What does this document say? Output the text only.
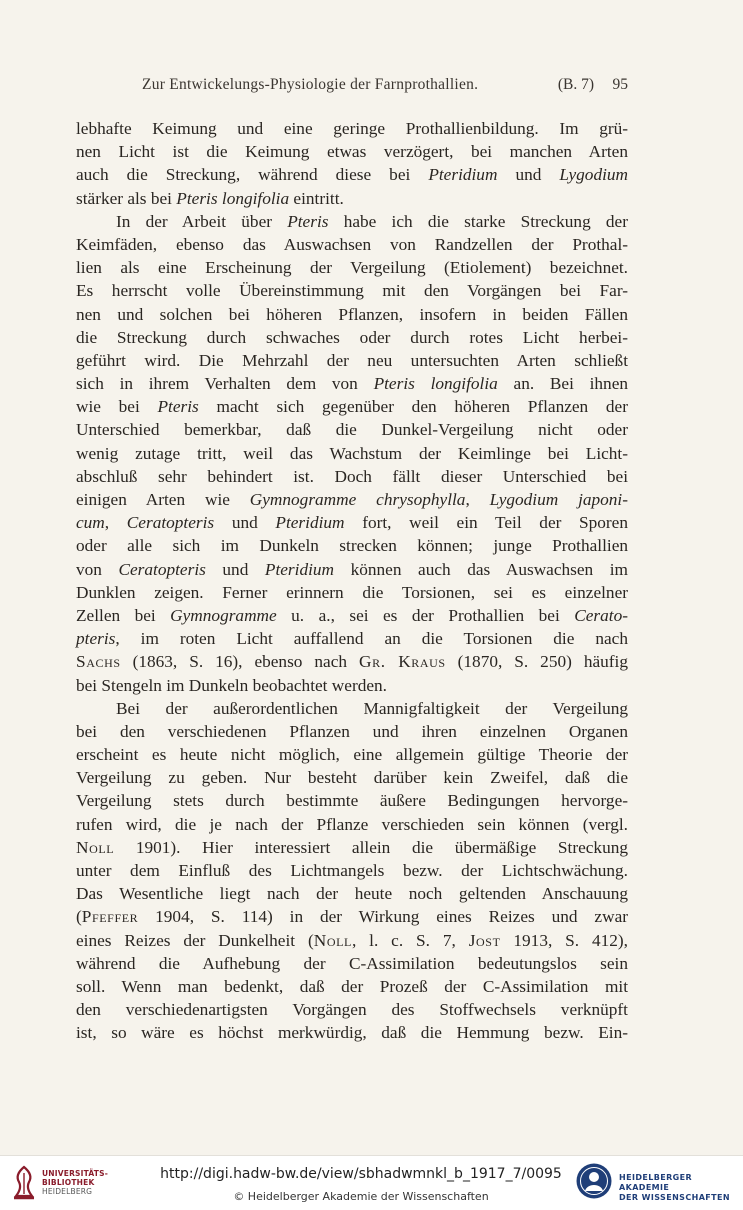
Zur Entwickelungs-Physiologie der Farnprothallien.	(B. 7) 95
lebhafte Keimung und eine geringe Prothallienbildung. Im grü-
nen Licht ist die Keimung etwas verzögert, bei manchen Arten
auch die Streckung, während diese bei Pteridium und Lygodium
stärker als bei Pteris longifolia eintritt.
In der Arbeit über Pteris habe ich die starke Streckung der
Keimfäden, ebenso das Auswachsen von Randzellen der Prothal-
lien als eine Erscheinung der Vergeilung (Etiolement) bezeichnet.
Es herrscht volle Übereinstimmung mit den Vorgängen bei Far-
nen und solchen bei höheren Pflanzen, insofern in beiden Fällen
die Streckung durch schwaches oder durch rotes Licht herbei-
geführt wird. Die Mehrzahl der neu untersuchten Arten schließt
sich in ihrem Verhalten dem von Pteris longifolia an. Bei ihnen
wie bei Pteris macht sich gegenüber den höheren Pflanzen der
Unterschied bemerkbar, daß die Dunkel-Vergeilung nicht oder
wenig zutage tritt, weil das Wachstum der Keimlinge bei Licht-
abschluß sehr behindert ist. Doch fällt dieser Unterschied bei
einigen Arten wie Gymnogramme chrysophylla, Lygodium japoni-
cum, Ceratopteris und Pteridium fort, weil ein Teil der Sporen
oder alle sich im Dunkeln strecken können; junge Prothallien
von Ceratopteris und Pteridium können auch das Auswachsen im
Dunklen zeigen. Ferner erinnern die Torsionen, sei es einzelner
Zellen bei Gymnogramme u. a., sei es der Prothallien bei Cerato-
pteris, im roten Licht auffallend an die Torsionen die nach
Sachs (1863, S. 16), ebenso nach Gr. Kraus (1870, S. 250) häufig
bei Stengeln im Dunkeln beobachtet werden.
Bei der außerordentlichen Mannigfaltigkeit der Vergeilung
bei den verschiedenen Pflanzen und ihren einzelnen Organen
erscheint es heute nicht möglich, eine allgemein gültige Theorie der
Vergeilung zu geben. Nur besteht darüber kein Zweifel, daß die
Vergeilung stets durch bestimmte äußere Bedingungen hervorge-
rufen wird, die je nach der Pflanze verschieden sein können (vergl.
Noll 1901). Hier interessiert allein die übermäßige Streckung
unter dem Einfluß des Lichtmangels bezw. der Lichtschwächung.
Das Wesentliche liegt nach der heute noch geltenden Anschauung
(Pfeffer 1904, S. 114) in der Wirkung eines Reizes und zwar
eines Reizes der Dunkelheit (Noll, l. c. S. 7, Jost 1913, S. 412),
während die Aufhebung der C-Assimilation bedeutungslos sein
soll. Wenn man bedenkt, daß der Prozeß der C-Assimilation mit
den verschiedenartigsten Vorgängen des Stoffwechsels verknüpft
ist, so wäre es höchst merkwürdig, daß die Hemmung bezw. Ein-
UNIVERSITÄTS-
BIBLIOTHEK
HEIDELBERG
http://digi.hadw-bw.de/view/sbhadwmnkl_b_1917_7/0095
© Heidelberger Akademie der Wissenschaften
HEIDELBERGER AKADEMIE
DER WISSENSCHAFTEN
